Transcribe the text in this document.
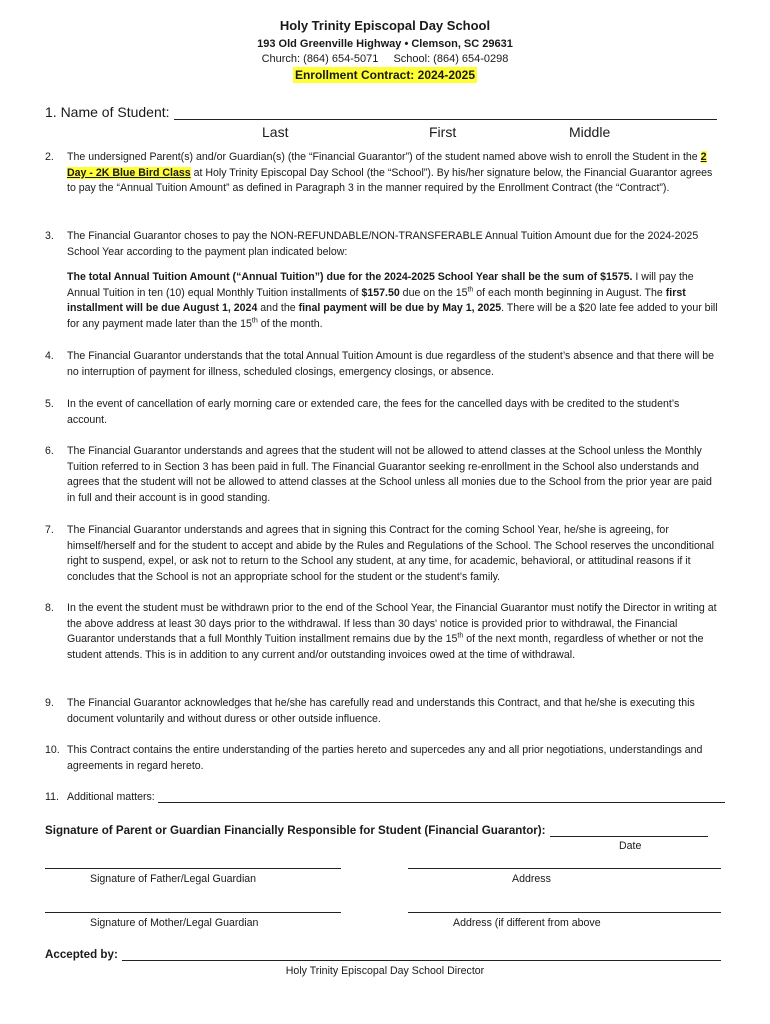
Holy Trinity Episcopal Day School
193 Old Greenville Highway • Clemson, SC 29631
Church: (864) 654-5071 School: (864) 654-0298
Enrollment Contract: 2024-2025
1. Name of Student:
Last	First	Middle
2.	The undersigned Parent(s) and/or Guardian(s) (the “Financial Guarantor”) of the student named above wish to enroll the Student in the 2 Day - 2K Blue Bird Class at Holy Trinity Episcopal Day School (the “School”). By his/her signature below, the Financial Guarantor agrees to pay the “Annual Tuition Amount” as defined in Paragraph 3 in the manner required by the Enrollment Contract (the “Contract”).
3.	The Financial Guarantor choses to pay the NON-REFUNDABLE/NON-TRANSFERABLE Annual Tuition Amount due for the 2024-2025 School Year according to the payment plan indicated below:
The total Annual Tuition Amount (“Annual Tuition”) due for the 2024-2025 School Year shall be the sum of $1575. I will pay the Annual Tuition in ten (10) equal Monthly Tuition installments of $157.50 due on the 15th of each month beginning in August. The first installment will be due August 1, 2024 and the final payment will be due by May 1, 2025. There will be a $20 late fee added to your bill for any payment made later than the 15th of the month.
4.	The Financial Guarantor understands that the total Annual Tuition Amount is due regardless of the student’s absence and that there will be no interruption of payment for illness, scheduled closings, emergency closings, or absence.
5.	In the event of cancellation of early morning care or extended care, the fees for the cancelled days with be credited to the student’s account.
6.	The Financial Guarantor understands and agrees that the student will not be allowed to attend classes at the School unless the Monthly Tuition referred to in Section 3 has been paid in full. The Financial Guarantor seeking re-enrollment in the School also understands and agrees that the student will not be allowed to attend classes at the School unless all monies due to the School from the prior year are paid in full and their account is in good standing.
7.	The Financial Guarantor understands and agrees that in signing this Contract for the coming School Year, he/she is agreeing, for himself/herself and for the student to accept and abide by the Rules and Regulations of the School. The School reserves the unconditional right to suspend, expel, or ask not to return to the School any student, at any time, for academic, behavioral, or attitudinal reasons if it concludes that the School is not an appropriate school for the student or the student’s family.
8.	In the event the student must be withdrawn prior to the end of the School Year, the Financial Guarantor must notify the Director in writing at the above address at least 30 days prior to the withdrawal. If less than 30 days' notice is provided prior to withdrawal, the Financial Guarantor understands that a full Monthly Tuition installment remains due by the 15th of the next month, regardless of whether or not the student attends. This is in addition to any current and/or outstanding invoices owed at the time of withdrawal.
9.	The Financial Guarantor acknowledges that he/she has carefully read and understands this Contract, and that he/she is executing this document voluntarily and without duress or other outside influence.
10. This Contract contains the entire understanding of the parties hereto and supercedes any and all prior negotiations, understandings and agreements in regard hereto.
11. Additional matters:
Signature of Parent or Guardian Financially Responsible for Student (Financial Guarantor):
Date
Signature of Father/Legal Guardian	Address
Signature of Mother/Legal Guardian	Address (if different from above
Accepted by:
Holy Trinity Episcopal Day School Director
